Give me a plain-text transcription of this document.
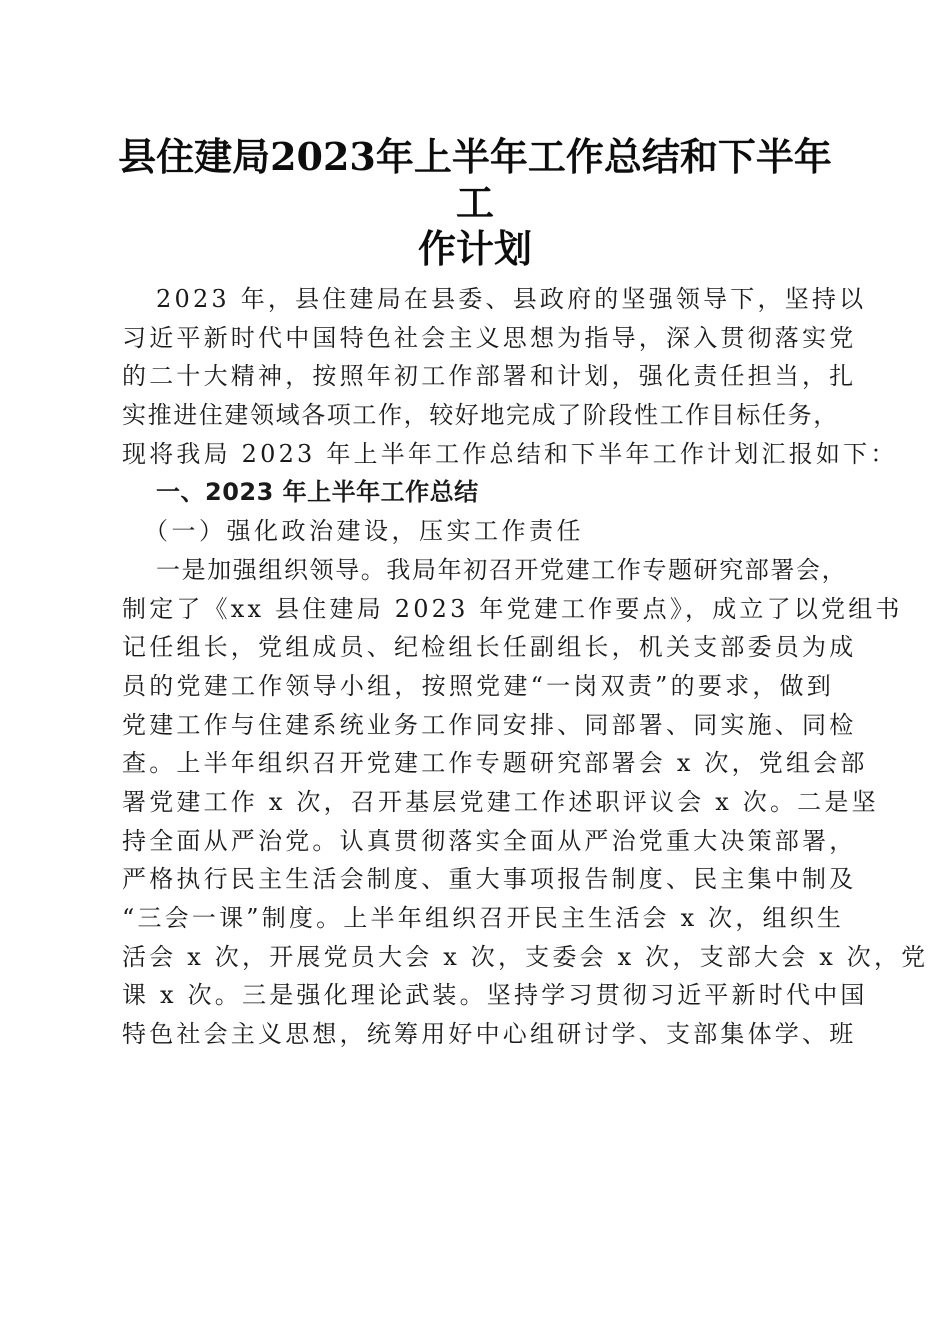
县住建局2023年上半年工作总结和下半年工
作计划
2023 年，县住建局在县委、县政府的坚强领导下，坚持以
习近平新时代中国特色社会主义思想为指导，深入贯彻落实党
的二十大精神，按照年初工作部署和计划，强化责任担当，扎
实推进住建领域各项工作，较好地完成了阶段性工作目标任务，
现将我局 2023 年上半年工作总结和下半年工作计划汇报如下：
一、2023 年上半年工作总结
（一）强化政治建设，压实工作责任
一是加强组织领导。我局年初召开党建工作专题研究部署会，
制定了《xx 县住建局 2023 年党建工作要点》，成立了以党组书
记任组长，党组成员、纪检组长任副组长，机关支部委员为成
员的党建工作领导小组，按照党建“一岗双责”的要求，做到
党建工作与住建系统业务工作同安排、同部署、同实施、同检
查。上半年组织召开党建工作专题研究部署会 x 次，党组会部
署党建工作 x 次，召开基层党建工作述职评议会 x 次。二是坚
持全面从严治党。认真贯彻落实全面从严治党重大决策部署，
严格执行民主生活会制度、重大事项报告制度、民主集中制及
“三会一课”制度。上半年组织召开民主生活会 x 次，组织生
活会 x 次，开展党员大会 x 次，支委会 x 次，支部大会 x 次，党
课 x 次。三是强化理论武装。坚持学习贯彻习近平新时代中国
特色社会主义思想，统筹用好中心组研讨学、支部集体学、班
